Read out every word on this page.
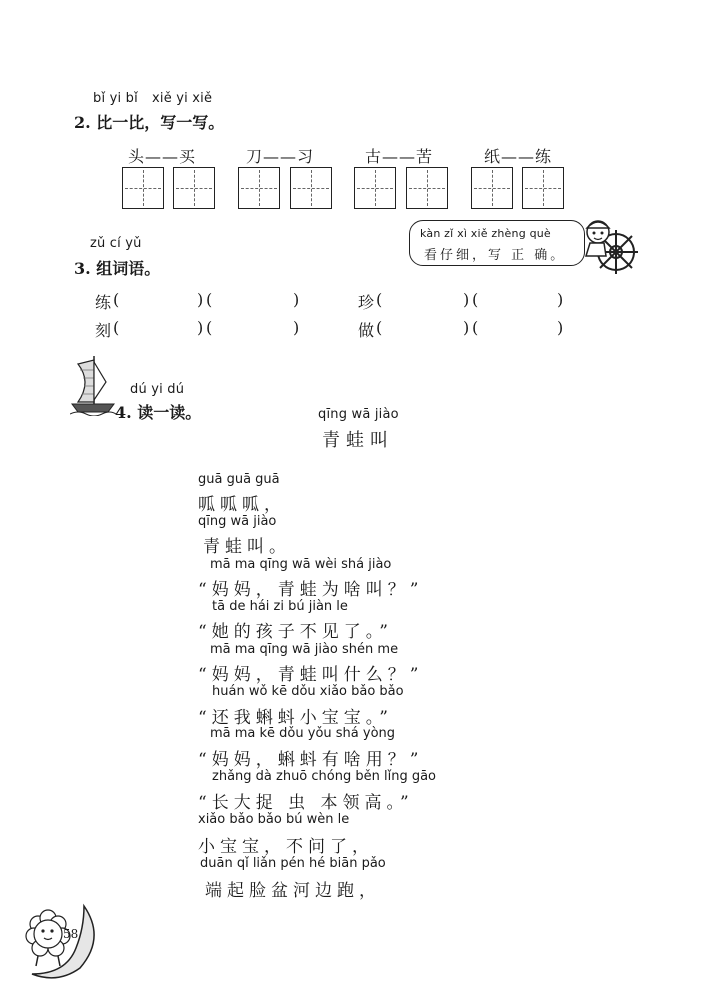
bǐ yi bǐ xiě yi xiě
2. 比一比，写一写。
头——买	刀——习	古——苦	纸——练
kàn zǐ xì xiě zhèng què
看仔细，写 正 确。
zǔ cí yǔ
3. 组词语。
练 (	) (	)	珍 (	) (	)
刻 (	) (	)	做 (	) (	)
dú yi dú
4. 读一读。	qīng wā jiào
青蛙叫
guā guā guā
呱呱呱，
qīng wā jiào
青蛙叫。
mā ma qīng wā wèi shá jiào
“妈妈，青蛙为啥叫？”
tā de hái zi bú jiàn le
“她的孩子不见了。”
mā ma qīng wā jiào shén me
“妈妈，青蛙叫什么？”
huán wǒ kē dǒu xiǎo bǎo bǎo
“还我蝌蚪小宝宝。”
mā ma kē dǒu yǒu shá yòng
“妈妈，蝌蚪有啥用？”
zhǎng dà zhuō chóng běn lǐng gāo
“长大捉 虫 本领高。”
xiǎo bǎo bǎo bú wèn le
小宝宝，不问了，
duān qǐ liǎn pén hé biān pǎo
端起脸盆河边跑，
58
